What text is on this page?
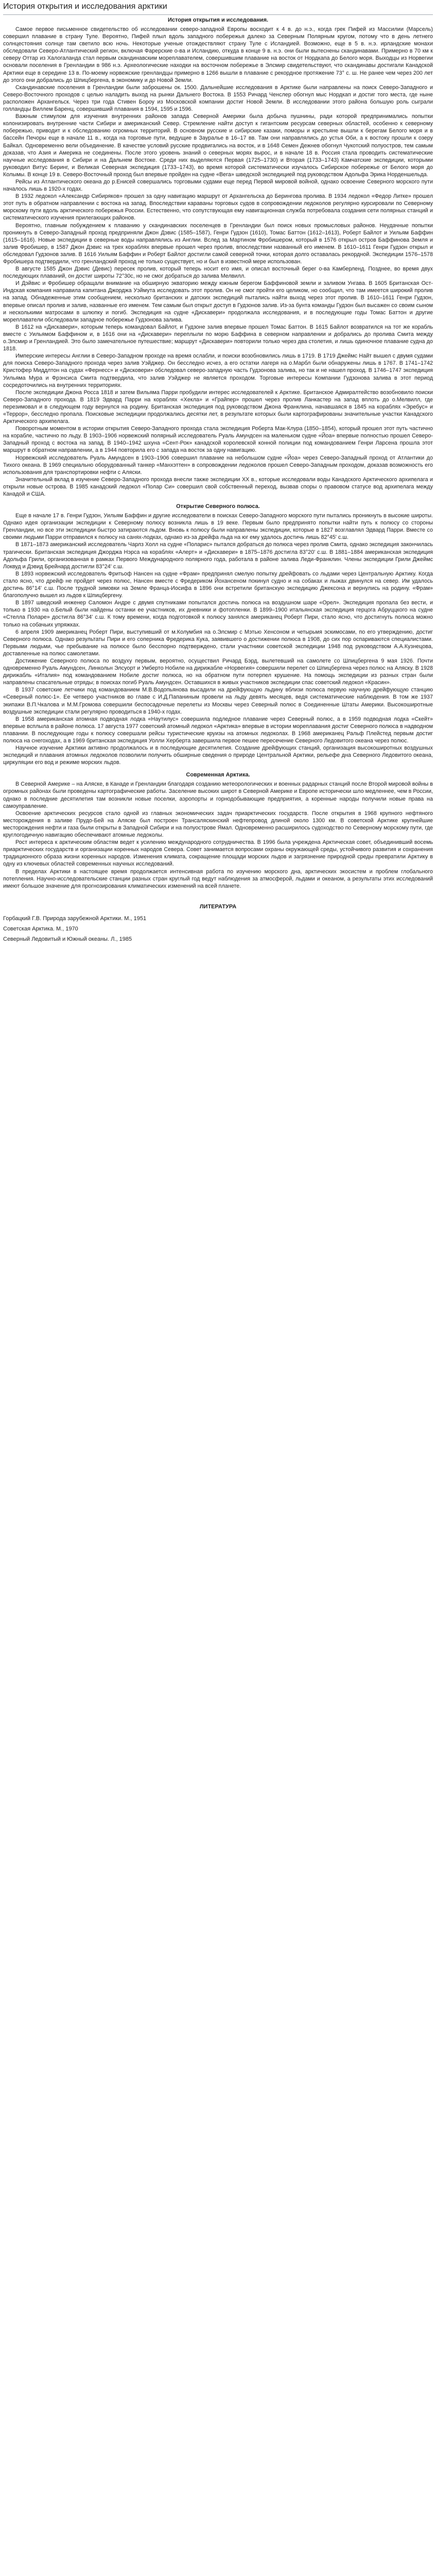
История открытия и исследования арктики
История открытия и исследования.

Самое первое письменное свидетельство об исследовании северо-западной Европы восходит к 4 в. до н.э., когда грек Пифей из Массилии (Марсель) совершил плавание в страну Туле. Вероятно, Пифей плыл вдоль западного побережья далеко за Северным Полярным кругом, потому что в день летнего солнцестояния солнце там светило всю ночь. Некоторые ученые отождествляют страну Туле с Исландией. Возможно, еще в 5 в. н.э. ирландские монахи обследовали Северо-Атлантический регион, включая Фарерские о-ва и Исландию, откуда в конце 9 в. н.э. они были вытеснены скандинавами. Примерно в 70 км к северу Оттар из Халогаланда стал первым скандинавским мореплавателем, совершившим плавание на восток от Нордкапа до Белого моря. Выходцы из Норвегии основали поселения в Гренландии в 986 н.э. Археологические находки на восточном побережье в Элсмир свидетельствуют, что скандинавы достигали Канадской Арктики еще в середине 13 в. По-моему норвежские гренландцы примерно в 1266 вышли в плавание с рекордное протяжение 73° с. ш. Не ранее чем через 200 лет до этого они добрались до Шпицбергена, в экономику и до Новой Земли.

Скандинавские поселения в Гренландии были заброшены ок. 1500. Дальнейшие исследования в Арктике были направлены на поиск Северо-Западного и Северо-Восточного проходов с целью наладить выход на рынки Дальнего Востока. В 1553 Ричард Ченслер обогнул мыс Нордкап и достиг того места, где ныне расположен Архангельск. Через три года Стивен Бороу из Московской компании достиг Новой Земли. В исследовании этого района большую роль сыграли голландцы Виллем Баренц, совершивший плавания в 1594, 1595 и 1596.

Важным стимулом для изучения внутренних районов запада Северной Америки была добыча пушнины, ради которой предпринимались попытки колонизировать внутренние части Сибири и американский Север. Стремление найти доступ к гигантским ресурсам северных областей, особенно к северному побережью, приводит и к обследованию огромных территорий. В основном русские и сибирские казаки, поморы и крестьяне вышли к берегам Белого моря и в бассейн Печоры еще в начале 11 в., когда на торговые пути, ведущие в Зауралье в 16–17 вв. Там они направлялись до устья Оби, а к востоку прошли к озеру Байкал. Одновременно вели объединение. В качестве условий русские продвигались на восток, и в 1648 Семен Дежнев обогнул Чукотский полуостров, тем самым доказав, что Азия и Америка не соединены. После этого уровень знаний о северных морях вырос, и в начале 18 в. Россия стала проводить систематические научные исследования в Сибири и на Дальнем Востоке. Среди них выделяются Первая (1725–1730) и Вторая (1733–1743) Камчатские экспедиции, которыми руководил Витус Беринг, и Великая Северная экспедиция (1733–1743), во время которой систематически изучалось Сибирское побережье от Белого моря до Колымы. В конце 19 в. Северо-Восточный проход был впервые пройден на судне «Вега» шведской экспедицией под руководством Адольфа Эрика Норденшельда.

Рейсы из Атлантического океана до р.Енисей совершались торговыми судами еще перед Первой мировой войной, однако освоение Северного морского пути началось лишь в 1920-х годах.

В 1932 ледокол «Александр Сибиряков» прошел за одну навигацию маршрут от Архангельска до Берингова пролива. В 1934 ледокол «Федор Литке» прошел этот путь в обратном направлении с востока на запад. Впоследствии караваны торговых судов в сопровождении ледоколов регулярно курсировали по Северному морскому пути вдоль арктического побережья России. Естественно, что сопутствующая ему навигационная служба потребовала создания сети полярных станций и систематического изучения прилегающих районов.

Вероятно, главным побуждением к плаванию у скандинавских поселенцев в Гренландии был поиск новых промысловых районов. Неудачные попытки проникнуть в Северо-Западный проход предприняли Джон Дэвис (1585–1587), Генри Гудзон (1610), Томас Баттон (1612–1613), Роберт Байлот и Уильям Баффин (1615–1616). Новые экспедиции в северные воды направлялись из Англии. Вслед за Мартином Фробишером, который в 1576 открыл остров Баффинова Земля и залив Фробишер, в 1587 Джон Дэвис на трех кораблях впервые прошел через пролив, впоследствии названный его именем. В 1610–1611 Генри Гудзон открыл и обследовал Гудзонов залив. В 1616 Уильям Баффин и Роберт Байлот достигли самой северной точки, которая долго оставалась рекордной. Экспедиции 1576–1578 Фробишера подтвердили, что гренландский проход не только существует, но и был в известной мере использован.

В августе 1585 Джон Дэвис (Девис) пересек пролив, который теперь носит его имя, и описал восточный берег о-ва Камберленд. Позднее, во время двух последующих плаваний, он достиг широты 72°30с, но не смог добраться до залива Мелвилл.

И Дэйвис и Фробишер обращали внимание на обширную экваторию между южным берегом Баффиновой земли и заливом Унгава. В 1605 Британская Ост-Индская компания направила капитана Джорджа Уэймута исследовать этот пролив. Он не смог пройти его целиком, но сообщил, что там имеется широкий пролив на запад. Обнадеженные этим сообщением, несколько британских и датских экспедиций пытались найти выход через этот пролив. В 1610–1611 Генри Гудзон, впервые описал пролив и залив, названные его именем. Тем самым был открыт доступ в Гудзонов залив. Из-за бунта команды Гудзон был высажен со своим сыном и несколькими матросами в шлюпку и погиб. Экспедиция на судне «Дискавери» продолжала исследования, и в последующие годы Томас Баттон и другие мореплаватели обследовали западное побережье Гудзонова залива.

В 1612 на «Дискавери», которым теперь командовал Байлот, и Гудзоне залив впервые прошел Томас Баттон. В 1615 Байлот возвратился на тот же корабль вместе с Уильямом Баффином и, в 1616 они на «Дискавери» переплыли по морю Баффина в северном направлении и добрались до пролива Смита между о.Элсмир и Гренландией. Это было замечательное путешествие; маршрут «Дискавери» повторили только через два столетия, и лишь одиночное плавание судна до 1818.

Имперские интересы Англии в Северо-Западном проходе на время ослабли, и поиски возобновились лишь в 1719. В 1719 Джеймс Найт вышел с двумя судами для поиска Северо-Западного прохода через залив Уэйджер. Он бесследно исчез, а его остатки лагеря на о.Марбл были обнаружены лишь в 1767. В 1741–1742 Кристофер Миддлтон на судах «Фернесс» и «Дисковери» обследовал северо-западную часть Гудзонова залива, но так и не нашел проход. В 1746–1747 экспедиция Уильяма Мура и Фрэнсиса Смита подтвердила, что залив Уэйджер не является проходом. Торговые интересы Компании Гудзонова залива в этот период сосредоточились на внутренних территориях.

После экспедиции Джона Росса 1818 и затем Вильяма Парри пробудили интерес исследователей к Арктике. Британское Адмиралтейство возобновило поиски Северо-Западного прохода. В 1819 Эдвард Парри на кораблях «Хекла» и «Грайпер» прошел через пролив Ланкастер на запад вплоть до о.Мелвилл, где перезимовал и в следующем году вернулся на родину. Британская экспедиция под руководством Джона Франклина, начавшаяся в 1845 на кораблях «Эребус» и «Террор», бесследно пропала. Поисковые экспедиции продолжались десятки лет, в результате которых были картографированы значительные участки Канадского Арктического архипелага.

Поворотным моментом в истории открытия Северо-Западного прохода стала экспедиция Роберта Мак-Клура (1850–1854), который прошел этот путь частично на корабле, частично по льду. В 1903–1906 норвежский полярный исследователь Руаль Амундсен на маленьком судне «Йоа» впервые полностью прошел Северо-Западный проход с востока на запад. В 1940–1942 шхуна «Сент-Рок» канадской королевской конной полиции под командованием Генри Ларсена прошла этот маршрут в обратном направлении, а в 1944 повторила его с запада на восток за одну навигацию.

Норвежский исследователь Руаль Амундсен в 1903–1906 совершил плавание на небольшом судне «Йоа» через Северо-Западный проход от Атлантики до Тихого океана. В 1969 специально оборудованный танкер «Манхэттен» в сопровождении ледоколов прошел Северо-Западным проходом, доказав возможность его использования для транспортировки нефти с Аляски.

Значительный вклад в изучение Северо-Западного прохода внесли также экспедиции XX в., которые исследовали воды Канадского Арктического архипелага и открыли новые острова. В 1985 канадский ледокол «Полар Си» совершил свой собственный переход, вызвав споры о правовом статусе вод архипелага между Канадой и США.

Открытие Северного полюса.

Еще в начале 17 в. Генри Гудзон, Уильям Баффин и другие исследователи в поисках Северо-Западного морского пути пытались проникнуть в высокие широты. Однако идея организации экспедиции к Северному полюсу возникла лишь в 19 веке. Первым было предпринято попытки найти путь к полюсу со стороны Гренландии, но все эти экспедиции быстро затираются льдом. Вновь к полюсу были направлены экспедиции, которые в 1827 возглавлял Эдвард Парри. Вместе со своими людьми Парри отправился к полюсу на санях-лодках, однако из-за дрейфа льда на юг ему удалось достичь лишь 82°45' с.ш.

В 1871–1873 американский исследователь Чарлз Холл на судне «Поларис» пытался добраться до полюса через пролив Смита, однако экспедиция закончилась трагически. Британская экспедиция Джорджа Нэрса на кораблях «Алерт» и «Дискавери» в 1875–1876 достигла 83°20' с.ш. В 1881–1884 американская экспедиция Адольфа Грили, организованная в рамках Первого Международного полярного года, работала в районе залива Леди-Франклин. Члены экспедиции Грили Джеймс Локвуд и Дэвид Брейнард достигли 83°24' с.ш.

В 1893 норвежский исследователь Фритьоф Нансен на судне «Фрам» предпринял смелую попытку дрейфовать со льдами через Центральную Арктику. Когда стало ясно, что дрейф не пройдет через полюс, Нансен вместе с Фредериком Йохансеном покинул судно и на собаках и лыжах двинулся на север. Им удалось достичь 86°14' с.ш. После трудной зимовки на Земле Франца-Иосифа в 1896 они встретили британскую экспедицию Джексона и вернулись на родину. «Фрам» благополучно вышел из льдов к Шпицбергену.

В 1897 шведский инженер Саломон Андре с двумя спутниками попытался достичь полюса на воздушном шаре «Орел». Экспедиция пропала без вести, и только в 1930 на о.Белый были найдены останки ее участников, их дневники и фотопленки. В 1899–1900 итальянская экспедиция герцога Абруццкого на судне «Стелла Поларе» достигла 86°34' с.ш. К тому времени, когда подготовкой к полюсу занялся американец Роберт Пири, стало ясно, что достигнуть полюса можно только на собачьих упряжках.

6 апреля 1909 американец Роберт Пири, выступивший от м.Колумбия на о.Элсмир с Мэтью Хенсоном и четырьмя эскимосами, по его утверждению, достиг Северного полюса. Однако результаты Пири и его соперника Фредерика Кука, заявившего о достижении полюса в 1908, до сих пор оспариваются специалистами. Первыми людьми, чье пребывание на полюсе было бесспорно подтверждено, стали участники советской экспедиции 1948 под руководством А.А.Кузнецова, доставленные на полюс самолетами.

Достижение Северного полюса по воздуху первым, вероятно, осуществил Ричард Бэрд, вылетевший на самолете со Шпицбергена 9 мая 1926. Почти одновременно Руаль Амундсен, Линкольн Элсуорт и Умберто Нобиле на дирижабле «Норвегия» совершили перелет со Шпицбергена через полюс на Аляску. В 1928 дирижабль «Италия» под командованием Нобиле достиг полюса, но на обратном пути потерпел крушение. На помощь экспедиции из разных стран были направлены спасательные отряды; в поисках погиб Руаль Амундсен. Оставшихся в живых участников экспедиции спас советский ледокол «Красин».

В 1937 советские летчики под командованием М.В.Водопьянова высадили на дрейфующую льдину вблизи полюса первую научную дрейфующую станцию «Северный полюс-1». Ее четверо участников во главе с И.Д.Папаниным провели на льду девять месяцев, ведя систематические наблюдения. В том же 1937 экипажи В.П.Чкалова и М.М.Громова совершили беспосадочные перелеты из Москвы через Северный полюс в Соединенные Штаты Америки. Высокоширотные воздушные экспедиции стали регулярно проводиться в 1940-х годах.

В 1958 американская атомная подводная лодка «Наутилус» совершила подледное плавание через Северный полюс, а в 1959 подводная лодка «Скейт» впервые всплыла в районе полюса. 17 августа 1977 советский атомный ледокол «Арктика» впервые в истории мореплавания достиг Северного полюса в надводном плавании. В последующие годы к полюсу совершали рейсы туристические круизы на атомных ледоколах. В 1968 американец Ральф Плейстед первым достиг полюса на снегоходах, а в 1969 британская экспедиция Уолли Херберта завершила первое пешее пересечение Северного Ледовитого океана через полюс.

Научное изучение Арктики активно продолжалось и в последующие десятилетия. Создание дрейфующих станций, организация высокоширотных воздушных экспедиций и плавания атомных ледоколов позволили получить обширные сведения о природе Центральной Арктики, рельефе дна Северного Ледовитого океана, циркуляции его вод и режиме морских льдов.

Современная Арктика.

В Северной Америке – на Аляске, в Канаде и Гренландии благодаря созданию метеорологических и военных радарных станций после Второй мировой войны в огромных районах были проведены картографические работы. Заселение высоких широт в Северной Америке и Европе исторически шло медленнее, чем в России, однако в последние десятилетия там возникли новые поселки, аэропорты и горнодобывающие предприятия, а коренные народы получили новые права на самоуправление.

Освоение арктических ресурсов стало одной из главных экономических задач приарктических государств. После открытия в 1968 крупного нефтяного месторождения в заливе Прудо-Бей на Аляске был построен Трансаляскинский нефтепровод длиной около 1300 км. В советской Арктике крупнейшие месторождения нефти и газа были открыты в Западной Сибири и на полуострове Ямал. Одновременно расширилось судоходство по Северному морскому пути, где круглогодичную навигацию обеспечивают атомные ледоколы.

Рост интереса к арктическим областям ведет к усилению международного сотрудничества. В 1996 была учреждена Арктическая совет, объединивший восемь приарктических государств и организации коренных народов Севера. Совет занимается вопросами охраны окружающей среды, устойчивого развития и сохранения традиционного образа жизни коренных народов. Изменения климата, сокращение площади морских льдов и загрязнение природной среды превратили Арктику в одну из ключевых областей современных научных исследований.

В пределах Арктики в настоящее время продолжается интенсивная работа по изучению морского дна, арктических экосистем и проблем глобального потепления. Научно-исследовательские станции разных стран круглый год ведут наблюдения за атмосферой, льдами и океаном, а результаты этих исследований имеют большое значение для прогнозирования климатических изменений на всей планете.

ЛИТЕРАТУРА
Горбацкий Г.В. Природа зарубежной Арктики. М., 1951
Советская Арктика. М., 1970
Северный Ледовитый и Южный океаны. Л., 1985
